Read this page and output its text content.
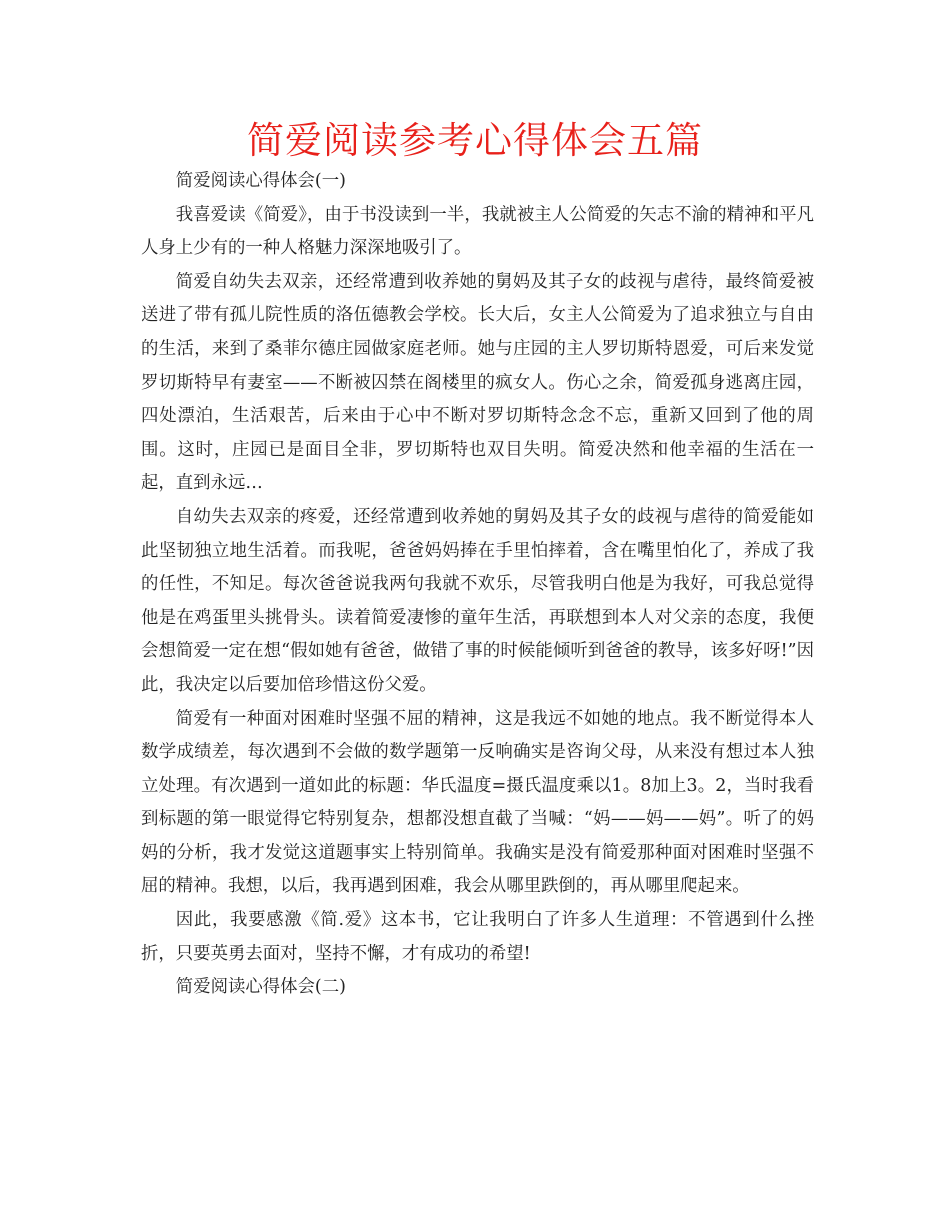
简爱阅读参考心得体会五篇

简爱阅读心得体会(一)

我喜爱读《简爱》，由于书没读到一半，我就被主人公简爱的矢志不渝的精神和平凡人身上少有的一种人格魅力深深地吸引了。

简爱自幼失去双亲，还经常遭到收养她的舅妈及其子女的歧视与虐待，最终简爱被送进了带有孤儿院性质的洛伍德教会学校。长大后，女主人公简爱为了追求独立与自由的生活，来到了桑菲尔德庄园做家庭老师。她与庄园的主人罗切斯特恩爱，可后来发觉罗切斯特早有妻室——不断被囚禁在阁楼里的疯女人。伤心之余，简爱孤身逃离庄园，四处漂泊，生活艰苦，后来由于心中不断对罗切斯特念念不忘，重新又回到了他的周围。这时，庄园已是面目全非，罗切斯特也双目失明。简爱决然和他幸福的生活在一起，直到永远…

自幼失去双亲的疼爱，还经常遭到收养她的舅妈及其子女的歧视与虐待的简爱能如此坚韧独立地生活着。而我呢，爸爸妈妈捧在手里怕摔着，含在嘴里怕化了，养成了我的任性，不知足。每次爸爸说我两句我就不欢乐，尽管我明白他是为我好，可我总觉得他是在鸡蛋里头挑骨头。读着简爱凄惨的童年生活，再联想到本人对父亲的态度，我便会想简爱一定在想“假如她有爸爸，做错了事的时候能倾听到爸爸的教导，该多好呀!”因此，我决定以后要加倍珍惜这份父爱。

简爱有一种面对困难时坚强不屈的精神，这是我远不如她的地点。我不断觉得本人数学成绩差，每次遇到不会做的数学题第一反响确实是咨询父母，从来没有想过本人独立处理。有次遇到一道如此的标题：华氏温度=摄氏温度乘以1。8加上3。2，当时我看到标题的第一眼觉得它特别复杂，想都没想直截了当喊：“妈——妈——妈”。听了的妈妈的分析，我才发觉这道题事实上特别简单。我确实是没有简爱那种面对困难时坚强不屈的精神。我想，以后，我再遇到困难，我会从哪里跌倒的，再从哪里爬起来。

因此，我要感激《简.爱》这本书，它让我明白了许多人生道理：不管遇到什么挫折，只要英勇去面对，坚持不懈，才有成功的希望!

简爱阅读心得体会(二)
